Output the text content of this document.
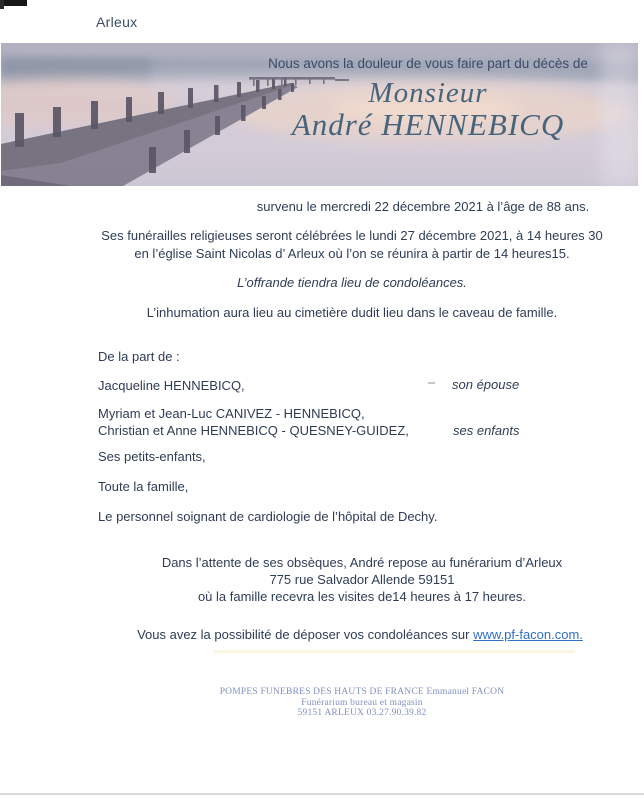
Arleux
Nous avons la douleur de vous faire part du décès de
Monsieur
André HENNEBICQ
survenu le mercredi 22 décembre 2021 à l’âge de 88 ans.
Ses funérailles religieuses seront célébrées le lundi 27 décembre 2021, à 14 heures 30
en l’église Saint Nicolas d’ Arleux où l’on se réunira à partir de 14 heures15.
L’offrande tiendra lieu de condoléances.
L’inhumation aura lieu au cimetière dudit lieu dans le caveau de famille.
De la part de :
Jacqueline HENNEBICQ,	son épouse
Myriam et Jean-Luc CANIVEZ - HENNEBICQ,
Christian et Anne HENNEBICQ - QUESNEY-GUIDEZ,	ses enfants
Ses petits-enfants,
Toute la famille,
Le personnel soignant de cardiologie de l’hôpital de Dechy.
Dans l’attente de ses obsèques, André repose au funérarium d’Arleux
775 rue Salvador Allende 59151
où la famille recevra les visites de14 heures à 17 heures.
Vous avez la possibilité de déposer vos condoléances sur www.pf-facon.com.
POMPES FUNEBRES DES HAUTS DE FRANCE Emmanuel FACON
Funérarium bureau et magasin
59151 ARLEUX 03.27.90.39.82
